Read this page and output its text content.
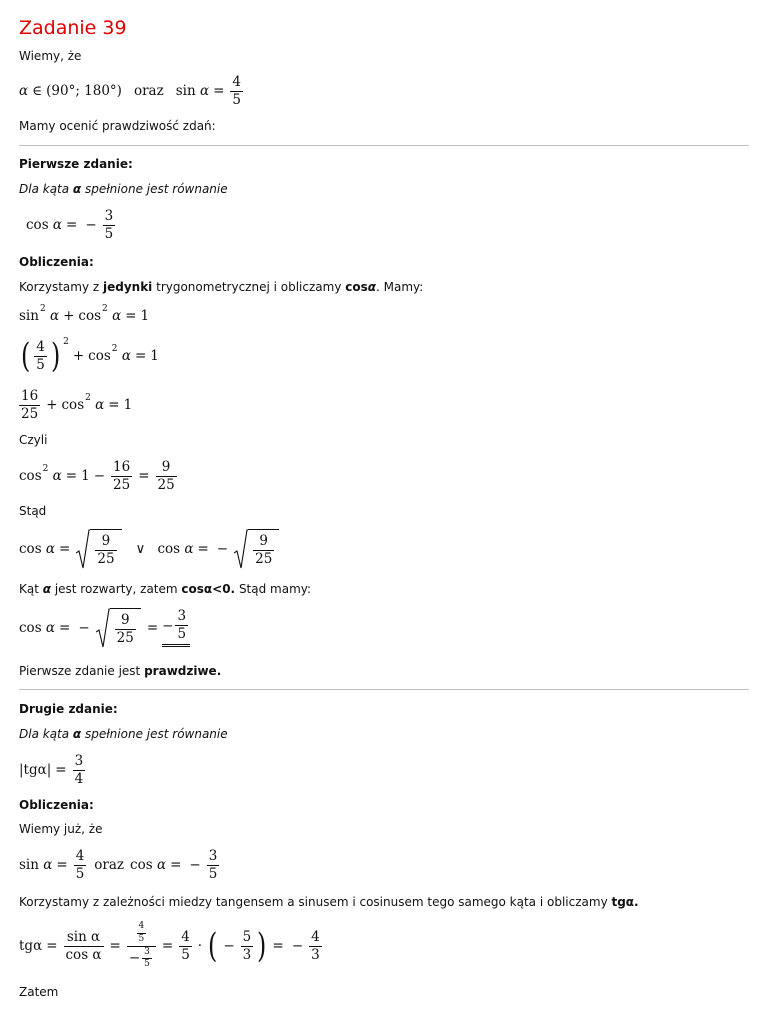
Zadanie 39
Wiemy, że
α ∈ (90°; 180°) oraz sin
$\alpha = \frac{4}{5}$
Mamy ocenić prawdziwość zdań:
Pierwsze zdanie:
Dla kąta α spełnione jest równanie
cos
α = − $\frac{3}{5}$
Obliczenia:
Korzystamy z jedynki trygonometrycznej i obliczamy cosα. Mamy:
sin 2
α + cos 2
α = 1
( $\frac{4}{5}$ ) 2
+ cos 2
α = 1
$\frac{16}{25} + \cos 2$
α = 1
Czyli
cos 2
$\alpha = 1 - \frac{16}{25} = \frac{9}{25}$
Stąd
cos
$\alpha = \frac{9}{25}$ ∨ cos
α = − $\frac{9}{25}$
Kąt α jest rozwarty, zatem cosα<0. Stąd mamy:
cos
α = − $\frac{9}{25}$ = − $\frac{3}{5}$
Pierwsze zdanie jest prawdziwe.
Drugie zdanie:
Dla kąta α spełnione jest równanie
$|tg\alpha| = \frac{3}{4}$
Obliczenia:
Wiemy już, że
sin
$\alpha = \frac{4}{5}$ oraz cos
α = − $\frac{3}{5}$
Korzystamy z zależności miedzy tangensem a sinusem i cosinusem tego samego kąta i obliczamy tgα.
$tg\alpha = \frac{\text{sin α}}{\text{cos α}} = \frac{\frac{4}{5}}{- \frac{3}{5}} = \frac{4}{5}$ · ( − $\frac{5}{3}$ ) = − $\frac{4}{3}$
Zatem
